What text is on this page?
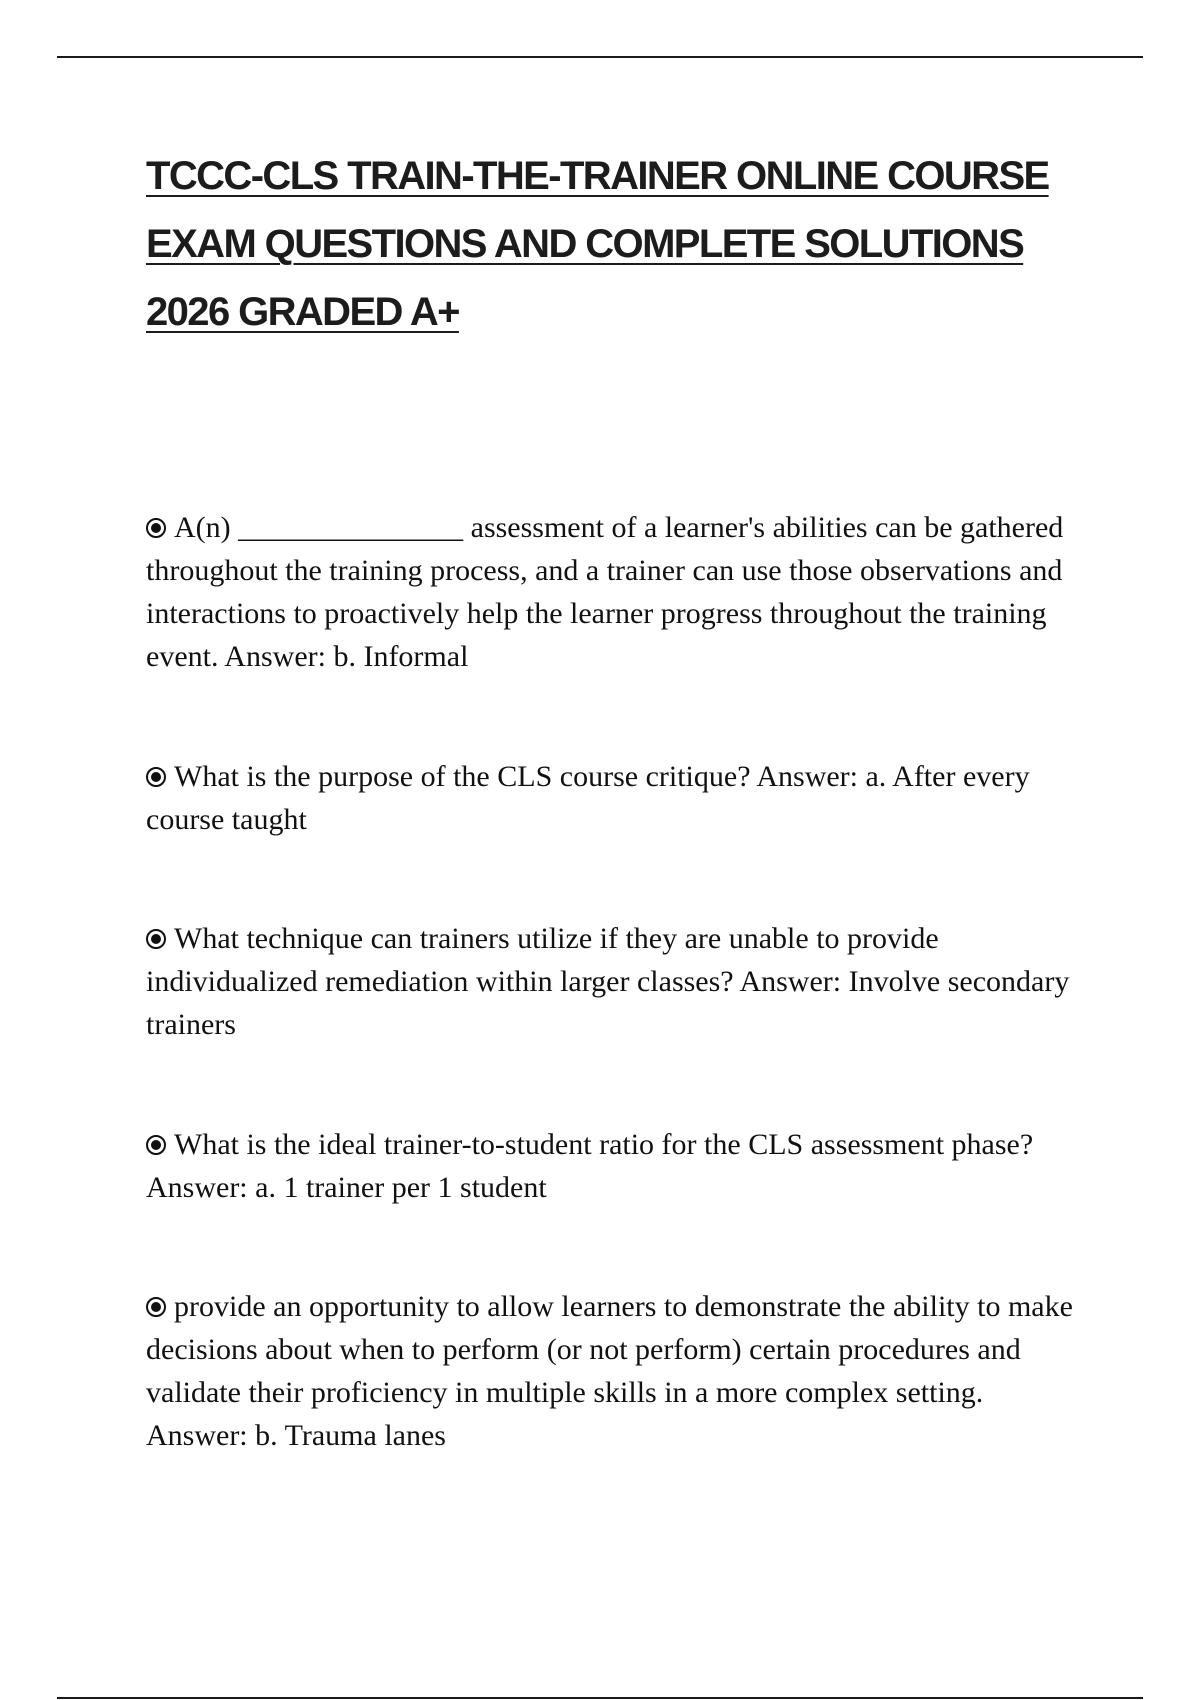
TCCC-CLS TRAIN-THE-TRAINER ONLINE COURSE EXAM QUESTIONS AND COMPLETE SOLUTIONS 2026 GRADED A+
A(n) _______________ assessment of a learner's abilities can be gathered throughout the training process, and a trainer can use those observations and interactions to proactively help the learner progress throughout the training event. Answer: b. Informal
What is the purpose of the CLS course critique? Answer: a. After every course taught
What technique can trainers utilize if they are unable to provide individualized remediation within larger classes? Answer: Involve secondary trainers
What is the ideal trainer-to-student ratio for the CLS assessment phase? Answer: a. 1 trainer per 1 student
provide an opportunity to allow learners to demonstrate the ability to make decisions about when to perform (or not perform) certain procedures and validate their proficiency in multiple skills in a more complex setting. Answer: b. Trauma lanes
